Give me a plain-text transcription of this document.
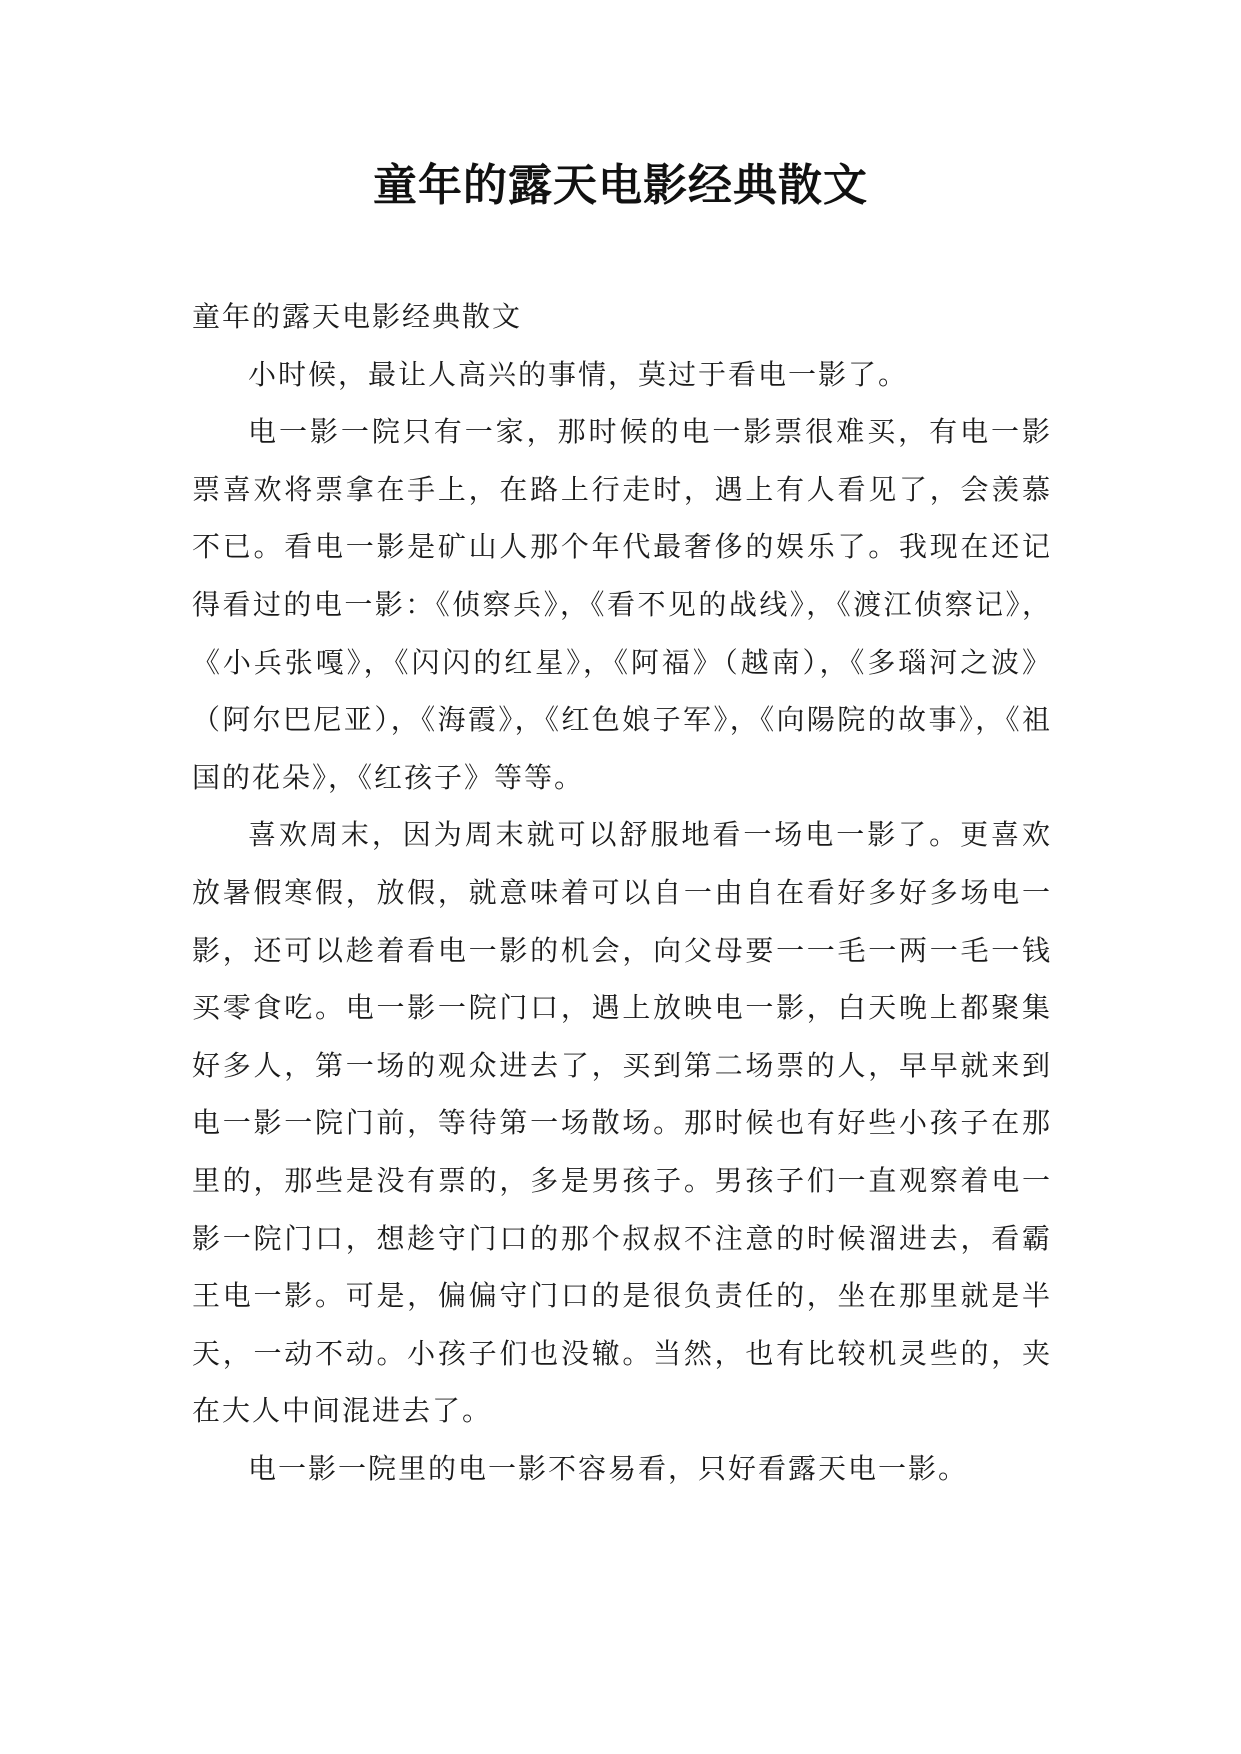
童年的露天电影经典散文

童年的露天电影经典散文

小时候，最让人高兴的事情，莫过于看电一影了。

电一影一院只有一家，那时候的电一影票很难买，有电一影票喜欢将票拿在手上，在路上行走时，遇上有人看见了，会羡慕不已。看电一影是矿山人那个年代最奢侈的娱乐了。我现在还记得看过的电一影：《侦察兵》，《看不见的战线》，《渡江侦察记》，《小兵张嘎》，《闪闪的红星》，《阿福》（越南），《多瑙河之波》（阿尔巴尼亚），《海霞》，《红色娘子军》，《向陽院的故事》，《祖国的花朵》，《红孩子》等等。

喜欢周末，因为周末就可以舒服地看一场电一影了。更喜欢放暑假寒假，放假，就意味着可以自一由自在看好多好多场电一影，还可以趁着看电一影的机会，向父母要一一毛一两一毛一钱买零食吃。电一影一院门口，遇上放映电一影，白天晚上都聚集好多人，第一场的观众进去了，买到第二场票的人，早早就来到电一影一院门前，等待第一场散场。那时候也有好些小孩子在那里的，那些是没有票的，多是男孩子。男孩子们一直观察着电一影一院门口，想趁守门口的那个叔叔不注意的时候溜进去，看霸王电一影。可是，偏偏守门口的是很负责任的，坐在那里就是半天，一动不动。小孩子们也没辙。当然，也有比较机灵些的，夹在大人中间混进去了。

电一影一院里的电一影不容易看，只好看露天电一影。
